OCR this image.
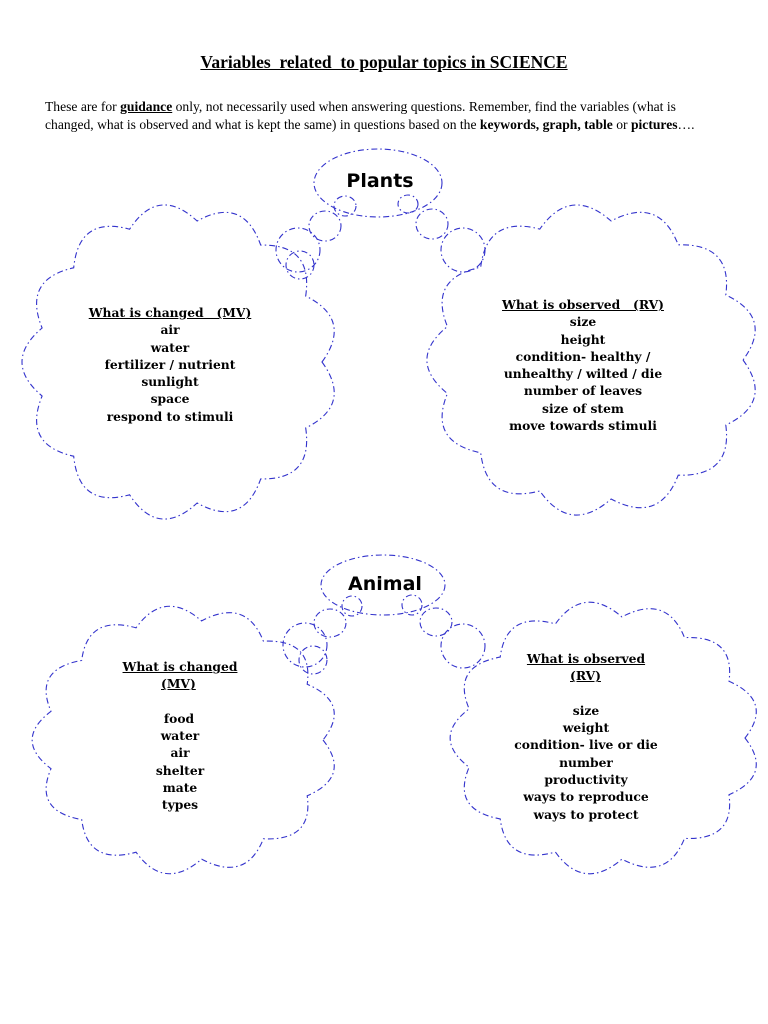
Variables  related  to popular topics in SCIENCE
These are for guidance only, not necessarily used when answering questions. Remember, find the variables (what is changed, what is observed and what is kept the same) in questions based on the keywords, graph, table or pictures….
Plants
What is changed   (MV)
air
water
fertilizer / nutrient
sunlight
space
respond to stimuli
What is observed   (RV)
size
height
condition- healthy /
unhealthy / wilted / die
number of leaves
size of stem
move towards stimuli
Animal
What is changed
(MV)
food
water
air
shelter
mate
types
What is observed
(RV)
size
weight
condition- live or die
number
productivity
ways to reproduce
ways to protect
